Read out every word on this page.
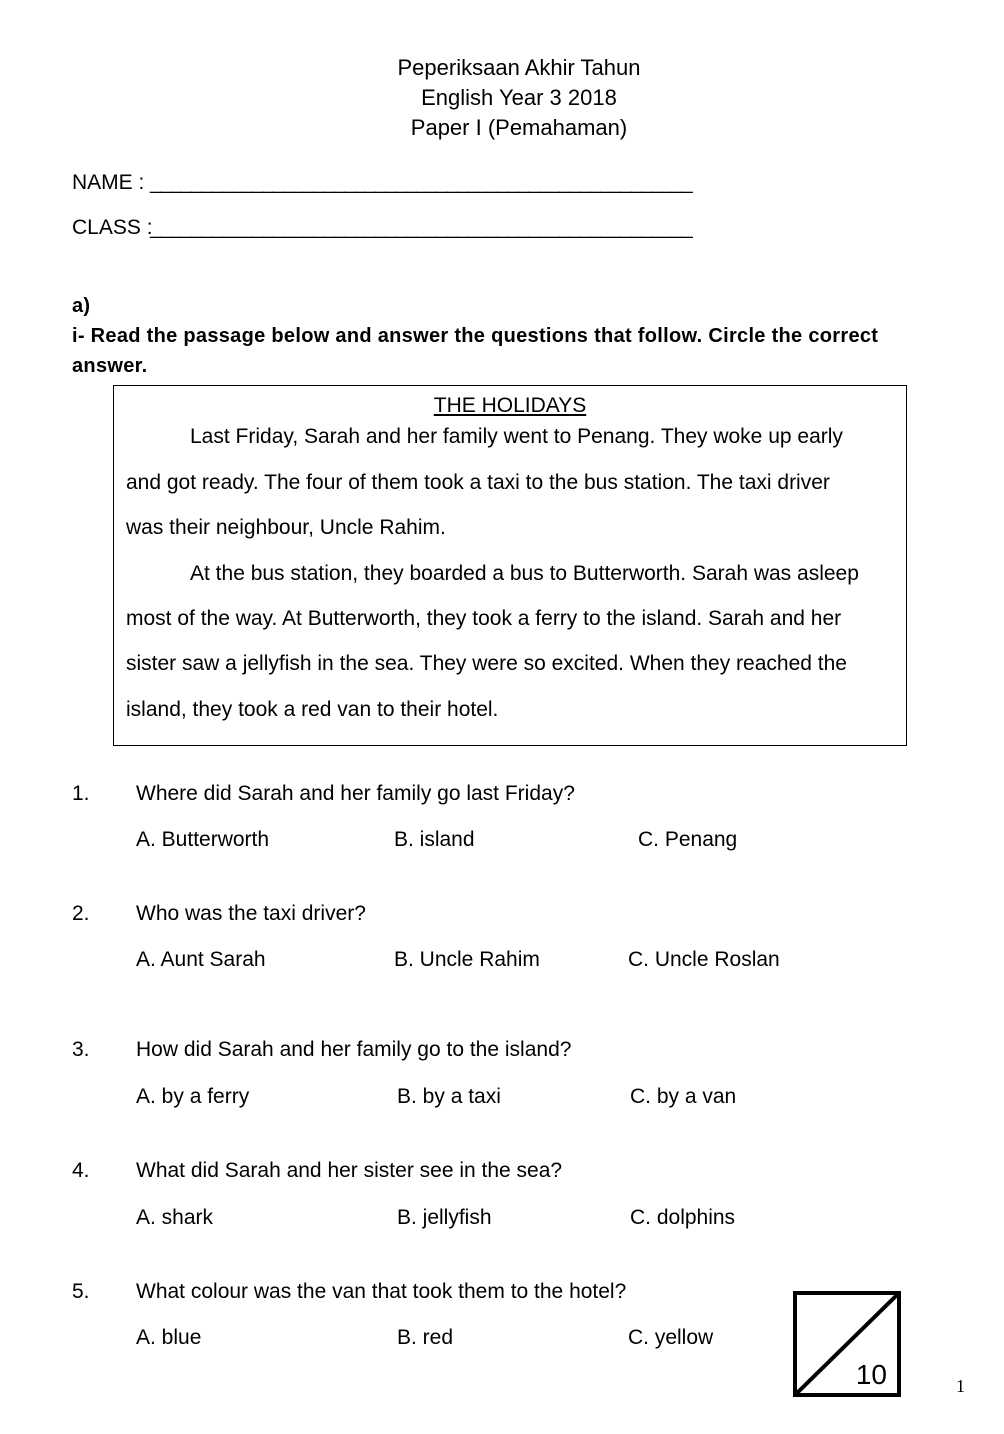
Peperiksaan Akhir Tahun
English Year 3 2018
Paper I (Pemahaman)
NAME : _____________________________________________________
CLASS :
_____________________________________________________
a)
i- Read the passage below and answer the questions that follow. Circle the correct
answer.
THE HOLIDAYS
Last Friday, Sarah and her family went to Penang. They woke up early
and got ready. The four of them took a taxi to the bus station. The taxi driver
was their neighbour, Uncle Rahim.
At the bus station, they boarded a bus to Butterworth. Sarah was asleep
most of the way. At Butterworth, they took a ferry to the island. Sarah and her
sister saw a jellyfish in the sea. They were so excited. When they reached the
island, they took a red van to their hotel.
1. Where did Sarah and her family go last Friday?
A. Butterworth	B. island	C. Penang
2. Who was the taxi driver?
A. Aunt Sarah	B. Uncle Rahim	C. Uncle Roslan
3. How did Sarah and her family go to the island?
A. by a ferry	B. by a taxi	C. by a van
4. What did Sarah and her sister see in the sea?
A. shark	B. jellyfish	C. dolphins
5. What colour was the van that took them to the hotel?
A. blue	B. red	C. yellow
10	1
